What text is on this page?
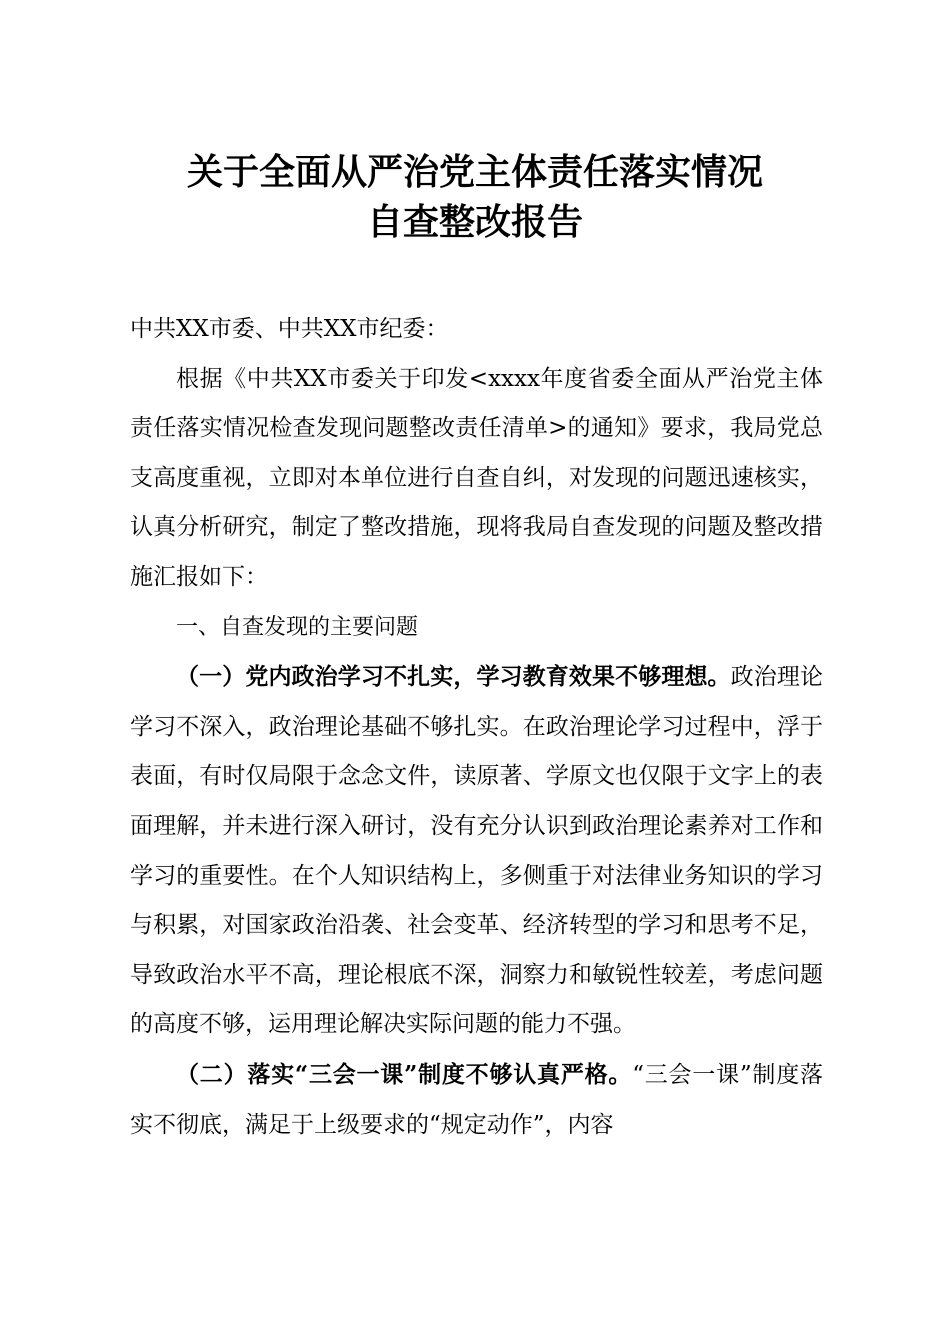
关于全面从严治党主体责任落实情况
自查整改报告

中共XX市委、中共XX市纪委：

根据《中共XX市委关于印发<xxxx年度省委全面从严治党主体责任落实情况检查发现问题整改责任清单>的通知》要求，我局党总支高度重视，立即对本单位进行自查自纠，对发现的问题迅速核实，认真分析研究，制定了整改措施，现将我局自查发现的问题及整改措施汇报如下：

一、自查发现的主要问题

（一）党内政治学习不扎实，学习教育效果不够理想。政治理论学习不深入，政治理论基础不够扎实。在政治理论学习过程中，浮于表面，有时仅局限于念念文件，读原著、学原文也仅限于文字上的表面理解，并未进行深入研讨，没有充分认识到政治理论素养对工作和学习的重要性。在个人知识结构上，多侧重于对法律业务知识的学习与积累，对国家政治沿袭、社会变革、经济转型的学习和思考不足，导致政治水平不高，理论根底不深，洞察力和敏锐性较差，考虑问题的高度不够，运用理论解决实际问题的能力不强。

（二）落实“三会一课”制度不够认真严格。“三会一课”制度落实不彻底，满足于上级要求的“规定动作”，内容
